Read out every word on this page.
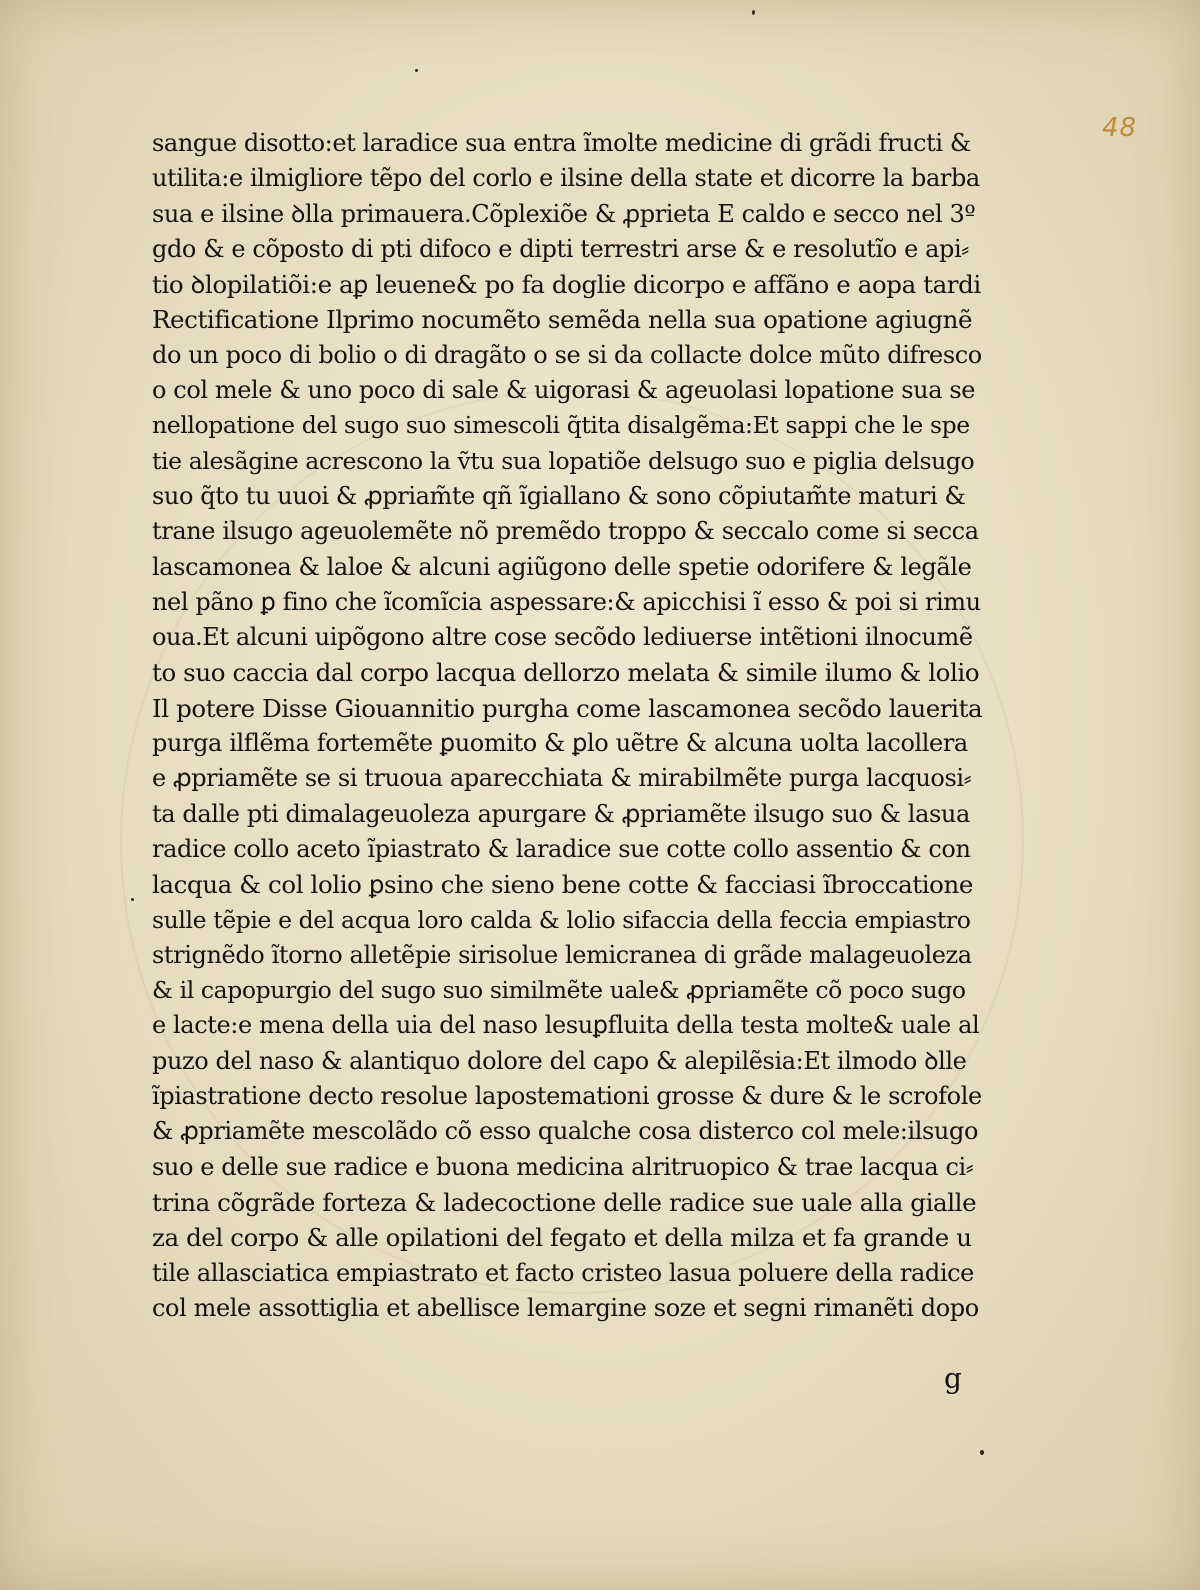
48
sangue disotto:et laradice sua entra ĩmolte medicine di grãdi fructi &
utilita:e ilmigliore tẽpo del corlo e ilsine della state et dicorre la barba
sua e ilsine ꝺlla primauera.Cõplexiõe & ꝓprieta E caldo e secco nel 3º
gdo & e cõposto di pti difoco e dipti terrestri arse & e resolutĩo e api⸗
tio ꝺlopilatiõi:e aꝑ leuene& po fa doglie dicorpo e affãno e aopa tardi
Rectificatione Ilprimo nocumẽto semẽda nella sua opatione agiugnẽ
do un poco di bolio o di dragãto o se si da collacte dolce mũto difresco
o col mele & uno poco di sale & uigorasi & ageuolasi lopatione sua se
nellopatione del sugo suo simescoli q̃tita disalgẽma:Et sappi che le spe
tie alesãgine acrescono la ṽtu sua lopatiõe delsugo suo e piglia delsugo
suo q̃to tu uuoi & ꝓpriam̃te qñ ĩgiallano & sono cõpiutam̃te maturi &
trane ilsugo ageuolemẽte nõ premẽdo troppo & seccalo come si secca
lascamonea & laloe & alcuni agiũgono delle spetie odorifere & legãle
nel pãno ꝑ fino che ĩcomĩcia aspessare:& apicchisi ĩ esso & poi si rimu
oua.Et alcuni uipõgono altre cose secõdo lediuerse intẽtioni ilnocumẽ
to suo caccia dal corpo lacqua dellorzo melata & simile ilumo & lolio
Il potere Disse Giouannitio purgha come lascamonea secõdo lauerita
purga ilflẽma fortemẽte ꝑuomito & ꝑlo uẽtre & alcuna uolta lacollera
e ꝓpriamẽte se si truoua aparecchiata & mirabilmẽte purga lacquosi⸗
ta dalle pti dimalageuoleza apurgare & ꝓpriamẽte ilsugo suo & lasua
radice collo aceto ĩpiastrato & laradice sue cotte collo assentio & con
lacqua & col lolio ꝑsino che sieno bene cotte & facciasi ĩbroccatione
sulle tẽpie e del acqua loro calda & lolio sifaccia della feccia empiastro
strignẽdo ĩtorno alletẽpie sirisolue lemicranea di grãde malageuoleza
& il capopurgio del sugo suo similmẽte uale& ꝓpriamẽte cõ poco sugo
e lacte:e mena della uia del naso lesuꝑfluita della testa molte& uale al
puzo del naso & alantiquo dolore del capo & alepilẽsia:Et ilmodo ꝺlle
ĩpiastratione decto resolue lapostemationi grosse & dure & le scrofole
& ꝓpriamẽte mescolãdo cõ esso qualche cosa disterco col mele:ilsugo
suo e delle sue radice e buona medicina alritruopico & trae lacqua ci⸗
trina cõgrãde forteza & ladecoctione delle radice sue uale alla gialle
za del corpo & alle opilationi del fegato et della milza et fa grande u
tile allasciatica empiastrato et facto cristeo lasua poluere della radice
col mele assottiglia et abellisce lemargine soze et segni rimanẽti dopo
g
